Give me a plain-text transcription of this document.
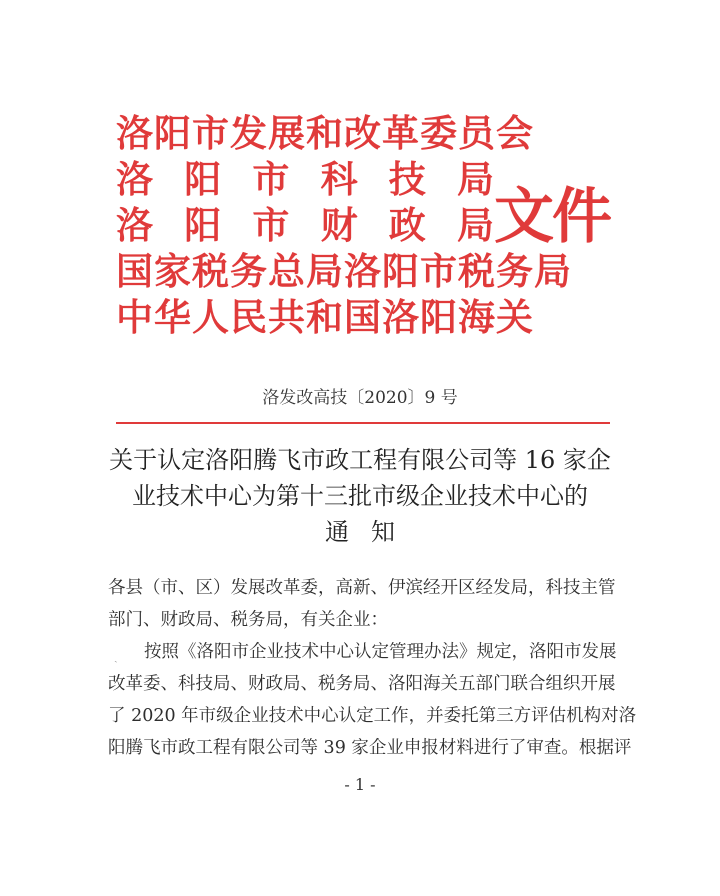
洛阳市发展和改革委员会
洛 阳 市 科 技 局
洛 阳 市 财 政 局
国家税务总局洛阳市税务局
中华人民共和国洛阳海关
文件
洛发改高技〔2020〕9 号
关于认定洛阳腾飞市政工程有限公司等 16 家企
业技术中心为第十三批市级企业技术中心的
通知
ˎ
各县（市、区）发展改革委，高新、伊滨经开区经发局，科技主管
部门、财政局、税务局，有关企业：
按照《洛阳市企业技术中心认定管理办法》规定，洛阳市发展
改革委、科技局、财政局、税务局、洛阳海关五部门联合组织开展
了 2020 年市级企业技术中心认定工作，并委托第三方评估机构对洛
阳腾飞市政工程有限公司等 39 家企业申报材料进行了审查。根据评
- 1 -
